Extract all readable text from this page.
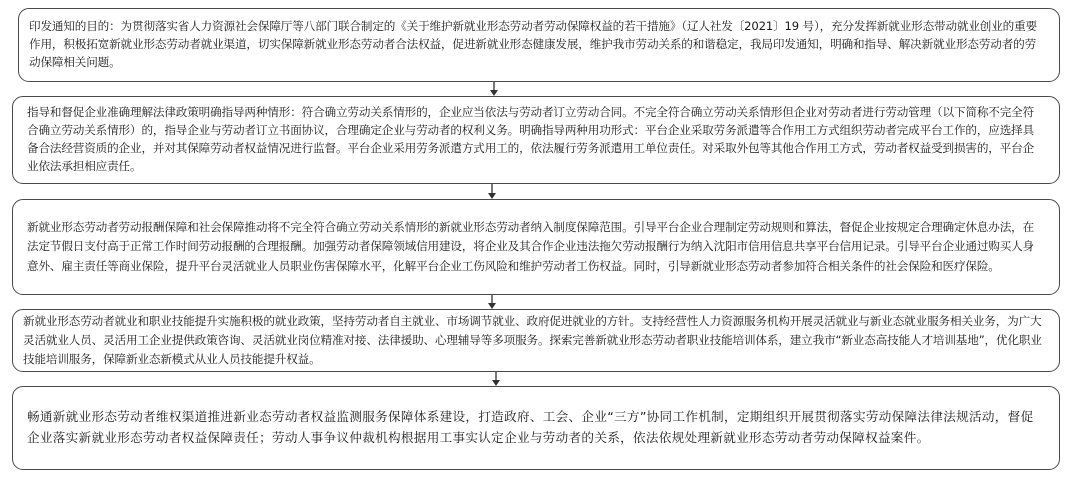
印发通知的目的：为贯彻落实省人力资源社会保障厅等八部门联合制定的《关于维护新就业形态劳动者劳动保障权益的若干措施》（辽人社发〔2021〕19 号），充分发挥新就业形态带动就业创业的重要作用，积极拓宽新就业形态劳动者就业渠道，切实保障新就业形态劳动者合法权益，促进新就业形态健康发展，维护我市劳动关系的和谐稳定，我局印发通知，明确和指导、解决新就业形态劳动者的劳动保障相关问题。

指导和督促企业准确理解法律政策明确指导两种情形：符合确立劳动关系情形的，企业应当依法与劳动者订立劳动合同。不完全符合确立劳动关系情形但企业对劳动者进行劳动管理（以下简称不完全符合确立劳动关系情形）的，指导企业与劳动者订立书面协议，合理确定企业与劳动者的权利义务。明确指导两种用功形式：平台企业采取劳务派遣等合作用工方式组织劳动者完成平台工作的，应选择具备合法经营资质的企业，并对其保障劳动者权益情况进行监督。平台企业采用劳务派遣方式用工的，依法履行劳务派遣用工单位责任。对采取外包等其他合作用工方式，劳动者权益受到损害的，平台企业依法承担相应责任。

新就业形态劳动者劳动报酬保障和社会保障推动将不完全符合确立劳动关系情形的新就业形态劳动者纳入制度保障范围。引导平台企业合理制定劳动规则和算法，督促企业按规定合理确定休息办法，在法定节假日支付高于正常工作时间劳动报酬的合理报酬。加强劳动者保障领域信用建设，将企业及其合作企业违法拖欠劳动报酬行为纳入沈阳市信用信息共享平台信用记录。引导平台企业通过购买人身意外、雇主责任等商业保险，提升平台灵活就业人员职业伤害保障水平，化解平台企业工伤风险和维护劳动者工伤权益。同时，引导新就业形态劳动者参加符合相关条件的社会保险和医疗保险。

新就业形态劳动者就业和职业技能提升实施积极的就业政策，坚持劳动者自主就业、市场调节就业、政府促进就业的方针。支持经营性人力资源服务机构开展灵活就业与新业态就业服务相关业务，为广大灵活就业人员、灵活用工企业提供政策咨询、灵活就业岗位精准对接、法律援助、心理辅导等多项服务。探索完善新就业形态劳动者职业技能培训体系，建立我市“新业态高技能人才培训基地”，优化职业技能培训服务，保障新业态新模式从业人员技能提升权益。

畅通新就业形态劳动者维权渠道推进新业态劳动者权益监测服务保障体系建设，打造政府、工会、企业“三方”协同工作机制，定期组织开展贯彻落实劳动保障法律法规活动，督促企业落实新就业形态劳动者权益保障责任；劳动人事争议仲裁机构根据用工事实认定企业与劳动者的关系，依法依规处理新就业形态劳动者劳动保障权益案件。
